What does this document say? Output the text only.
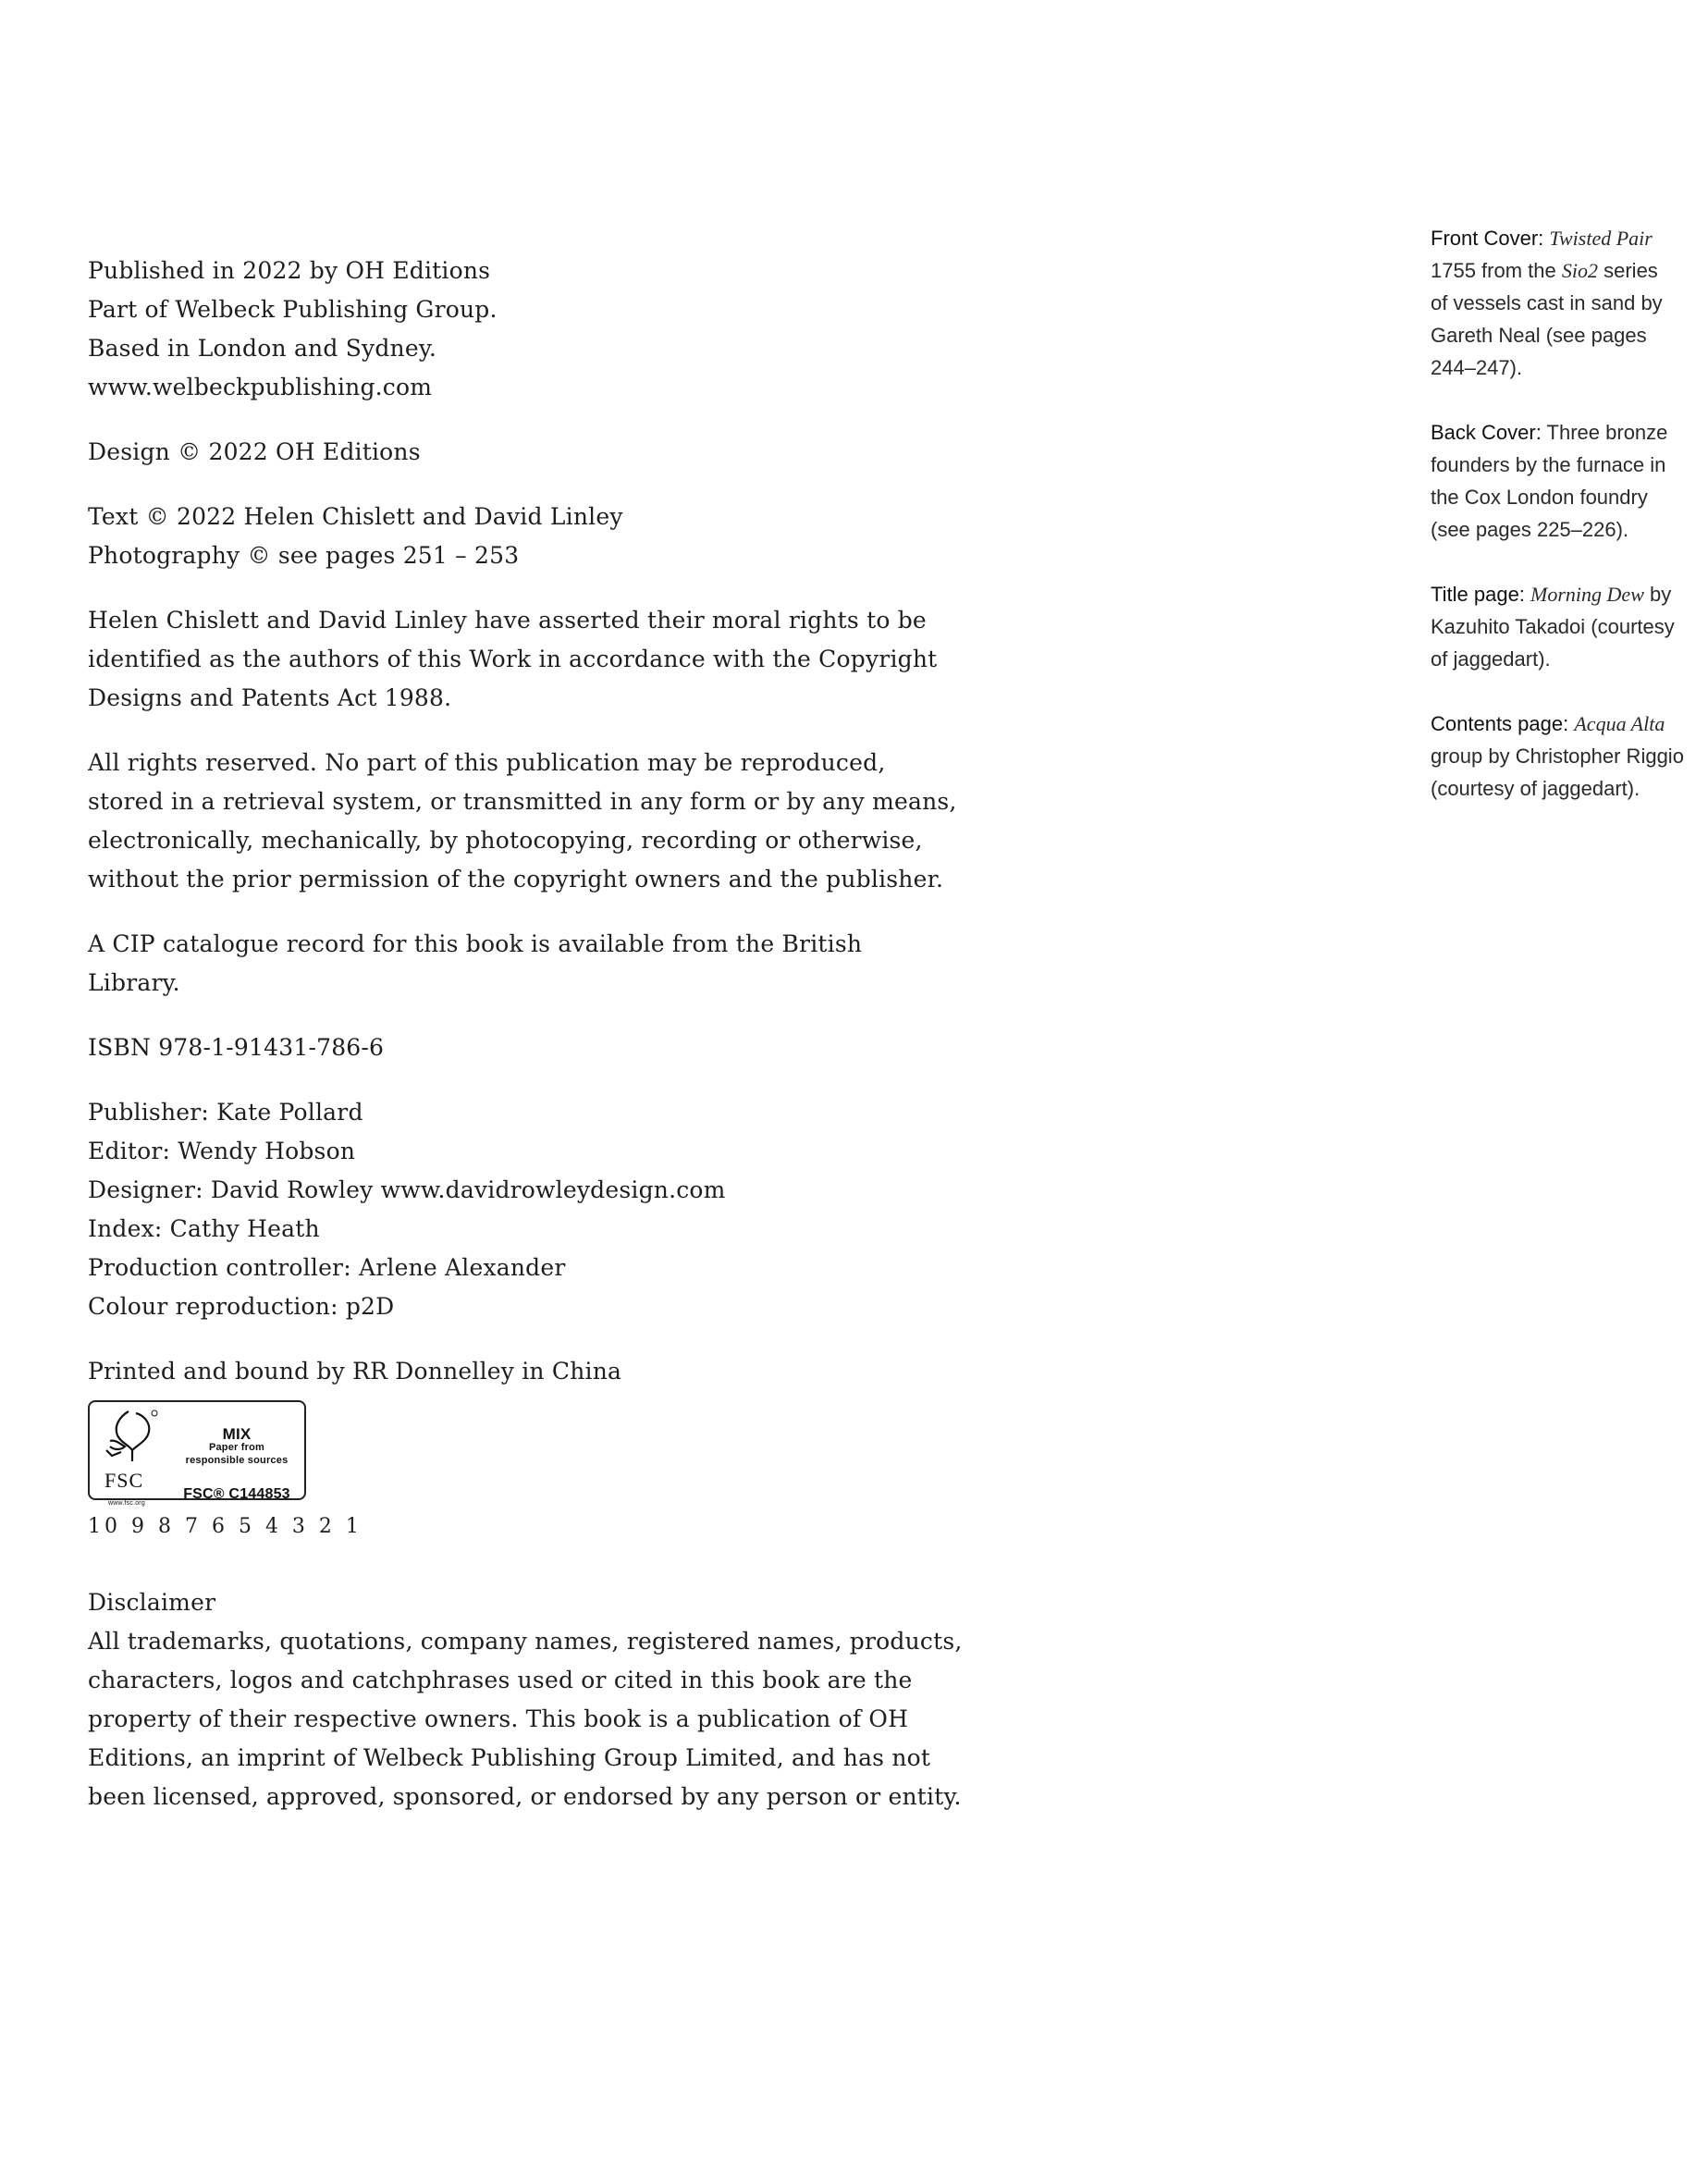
Published in 2022 by OH Editions
Part of Welbeck Publishing Group.
Based in London and Sydney.
www.welbeckpublishing.com
Design © 2022 OH Editions
Text © 2022 Helen Chislett and David Linley
Photography © see pages 251 – 253
Helen Chislett and David Linley have asserted their moral rights to be
identified as the authors of this Work in accordance with the Copyright
Designs and Patents Act 1988.
All rights reserved. No part of this publication may be reproduced,
stored in a retrieval system, or transmitted in any form or by any means,
electronically, mechanically, by photocopying, recording or otherwise,
without the prior permission of the copyright owners and the publisher.
A CIP catalogue record for this book is available from the British
Library.
ISBN 978-1-91431-786-6
Publisher: Kate Pollard
Editor: Wendy Hobson
Designer: David Rowley www.davidrowleydesign.com
Index: Cathy Heath
Production controller: Arlene Alexander
Colour reproduction: p2D
Printed and bound by RR Donnelley in China
FSC
www.fsc.org
MIX
Paper from
responsible sources
FSC® C144853
10 9 8 7 6 5 4 3 2 1
Disclaimer
All trademarks, quotations, company names, registered names, products,
characters, logos and catchphrases used or cited in this book are the
property of their respective owners. This book is a publication of OH
Editions, an imprint of Welbeck Publishing Group Limited, and has not
been licensed, approved, sponsored, or endorsed by any person or entity.
Front Cover: Twisted Pair
1755 from the Sio2 series
of vessels cast in sand by
Gareth Neal (see pages
244–247).
Back Cover: Three bronze
founders by the furnace in
the Cox London foundry
(see pages 225–226).
Title page: Morning Dew by
Kazuhito Takadoi (courtesy
of jaggedart).
Contents page: Acqua Alta
group by Christopher Riggio
(courtesy of jaggedart).
